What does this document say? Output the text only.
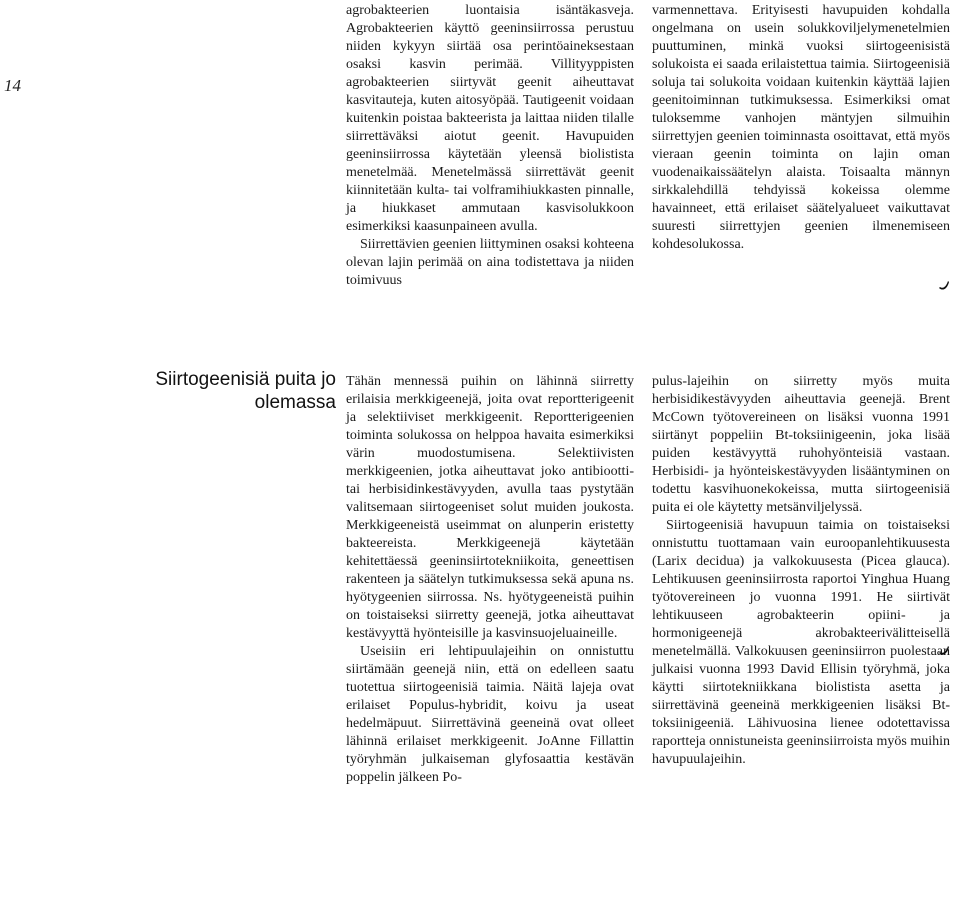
14
Siirtogeenisiä puita jo olemassa

agrobakteerien luontaisia isäntäkasveja. Agrobakteerien käyttö geeninsiirrossa perustuu niiden kykyyn siirtää osa perintöaineksestaan osaksi kasvin perimää. Villityyppisten agrobakteerien siirtyvät geenit aiheuttavat kasvitauteja, kuten aitosyöpää. Tautigeenit voidaan kuitenkin poistaa bakteerista ja laittaa niiden tilalle siirrettäväksi aiotut geenit. Havupuiden geeninsiirrossa käytetään yleensä biolistista menetelmää. Menetelmässä siirrettävät geenit kiinnitetään kulta- tai volframihiukkasten pinnalle, ja hiukkaset ammutaan kasvisolukkoon esimerkiksi kaasunpaineen avulla.

Siirrettävien geenien liittyminen osaksi kohteena olevan lajin perimää on aina todistettava ja niiden toimivuus

varmennettava. Erityisesti havupuiden kohdalla ongelmana on usein solukkoviljelymenetelmien puuttuminen, minkä vuoksi siirtogeenisistä solukoista ei saada erilaistettua taimia. Siirtogeenisiä soluja tai solukoita voidaan kuitenkin käyttää lajien geenitoiminnan tutkimuksessa. Esimerkiksi omat tuloksemme vanhojen mäntyjen silmuihin siirrettyjen geenien toiminnasta osoittavat, että myös vieraan geenin toiminta on lajin oman vuodenaikaissäätelyn alaista. Toisaalta männyn sirkkalehdillä tehdyissä kokeissa olemme havainneet, että erilaiset säätelyalueet vaikuttavat suuresti siirrettyjen geenien ilmenemiseen kohdesolukossa.

Tähän mennessä puihin on lähinnä siirretty erilaisia merkkigeenejä, joita ovat reportterigeenit ja selektiiviset merkkigeenit. Reportterigeenien toiminta solukossa on helppoa havaita esimerkiksi värin muodostumisena. Selektiivisten merkkigeenien, jotka aiheuttavat joko antibiootti- tai herbisidinkestävyyden, avulla taas pystytään valitsemaan siirtogeeniset solut muiden joukosta. Merkkigeeneistä useimmat on alunperin eristetty bakteereista. Merkkigeenejä käytetään kehitettäessä geeninsiirtotekniikoita, geneettisen rakenteen ja säätelyn tutkimuksessa sekä apuna ns. hyötygeenien siirrossa. Ns. hyötygeeneistä puihin on toistaiseksi siirretty geenejä, jotka aiheuttavat kestävyyttä hyönteisille ja kasvinsuojeluaineille.

Useisiin eri lehtipuulajeihin on onnistuttu siirtämään geenejä niin, että on edelleen saatu tuotettua siirtogeenisiä taimia. Näitä lajeja ovat erilaiset Populus-hybridit, koivu ja useat hedelmäpuut. Siirrettävinä geeneinä ovat olleet lähinnä erilaiset merkkigeenit. JoAnne Fillattin työryhmän julkaiseman glyfosaattia kestävän poppelin jälkeen Po-

pulus-lajeihin on siirretty myös muita herbisidikestävyyden aiheuttavia geenejä. Brent McCown työtovereineen on lisäksi vuonna 1991 siirtänyt poppeliin Bt-toksiinigeenin, joka lisää puiden kestävyyttä ruhohyönteisiä vastaan. Herbisidi- ja hyönteiskestävyyden lisääntyminen on todettu kasvihuonekokeissa, mutta siirtogeenisiä puita ei ole käytetty metsänviljelyssä.

Siirtogeenisiä havupuun taimia on toistaiseksi onnistuttu tuottamaan vain euroopanlehtikuusesta (Larix decidua) ja valkokuusesta (Picea glauca). Lehtikuusen geeninsiirrosta raportoi Yinghua Huang työtovereineen jo vuonna 1991. He siirtivät lehtikuuseen agrobakteerin opiini- ja hormonigeenejä akrobakteerivälitteisellä menetelmällä. Valkokuusen geeninsiirron puolestaan julkaisi vuonna 1993 David Ellisin työryhmä, joka käytti siirtotekniikkana biolistista asetta ja siirrettävinä geeneinä merkkigeenien lisäksi Bt-toksiinigeeniä. Lähivuosina lienee odotettavissa raportteja onnistuneista geeninsiirroista myös muihin havupuulajeihin.
